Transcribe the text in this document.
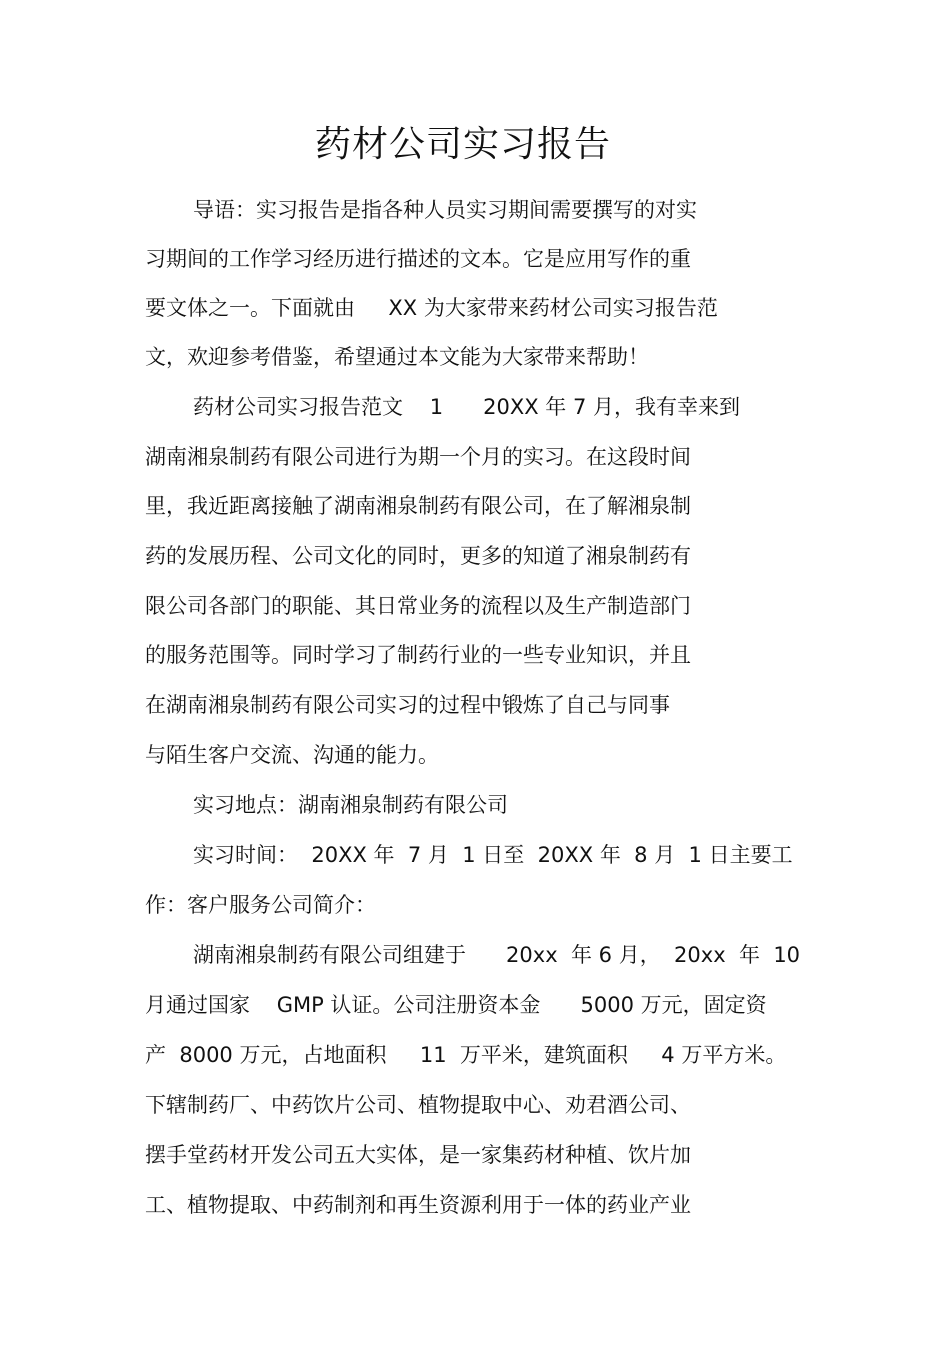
药材公司实习报告
导语：实习报告是指各种人员实习期间需要撰写的对实
习期间的工作学习经历进行描述的文本。它是应用写作的重
要文体之一。下面就由     XX 为大家带来药材公司实习报告范
文，欢迎参考借鉴，希望通过本文能为大家带来帮助！
药材公司实习报告范文    1      20XX 年 7 月，我有幸来到
湖南湘泉制药有限公司进行为期一个月的实习。在这段时间
里，我近距离接触了湖南湘泉制药有限公司，在了解湘泉制
药的发展历程、公司文化的同时，更多的知道了湘泉制药有
限公司各部门的职能、其日常业务的流程以及生产制造部门
的服务范围等。同时学习了制药行业的一些专业知识，并且
在湖南湘泉制药有限公司实习的过程中锻炼了自己与同事
与陌生客户交流、沟通的能力。
实习地点：湖南湘泉制药有限公司
实习时间：  20XX 年  7 月  1 日至  20XX 年  8 月  1 日主要工
作：客户服务公司简介：
湖南湘泉制药有限公司组建于      20xx  年 6 月，  20xx  年  10
月通过国家    GMP 认证。公司注册资本金      5000 万元，固定资
产  8000 万元，占地面积     11  万平米，建筑面积     4 万平方米。
下辖制药厂、中药饮片公司、植物提取中心、劝君酒公司、
摆手堂药材开发公司五大实体，是一家集药材种植、饮片加
工、植物提取、中药制剂和再生资源利用于一体的药业产业
